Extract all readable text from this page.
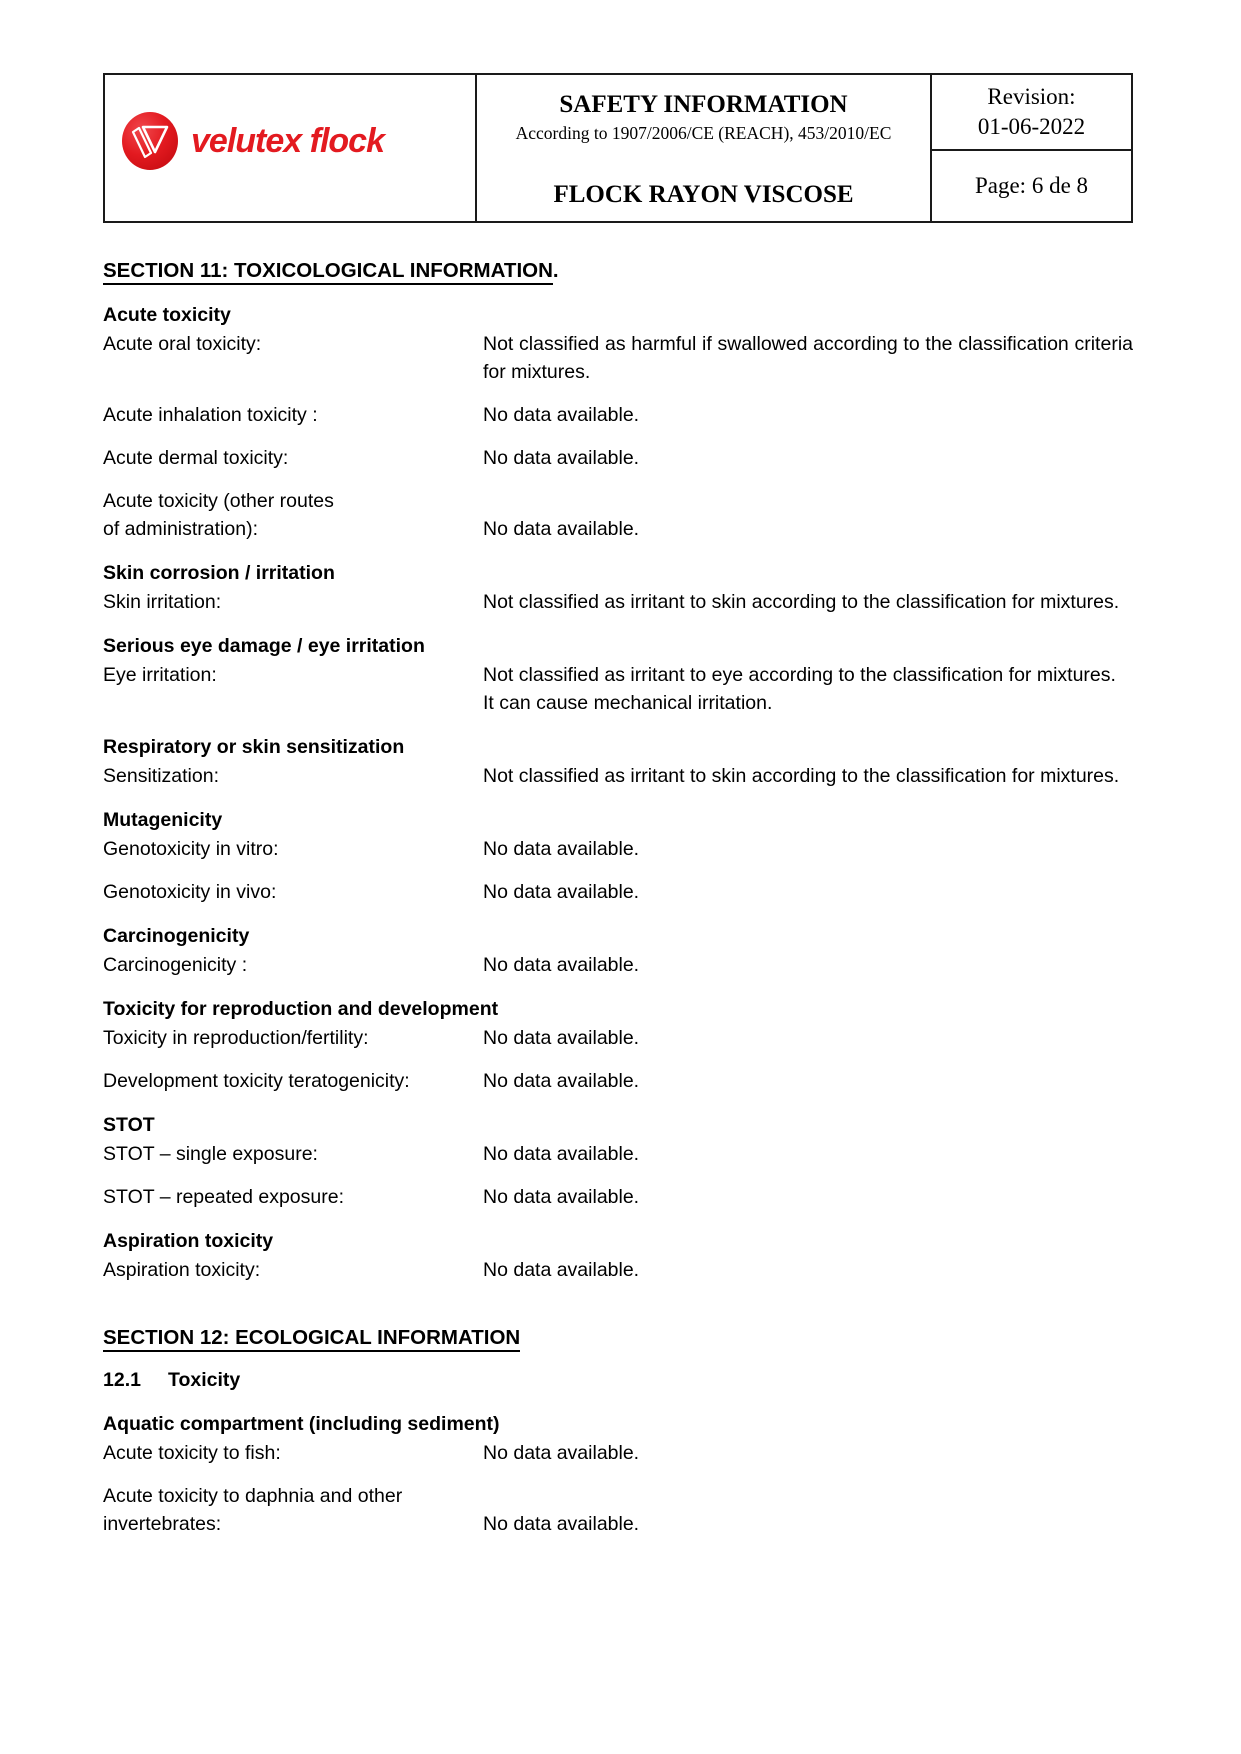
velutex flock
SAFETY INFORMATION
According to 1907/2006/CE (REACH), 453/2010/EC
FLOCK RAYON VISCOSE
Revision:
01-06-2022
Page: 6 de 8
SECTION 11: TOXICOLOGICAL INFORMATION.
Acute toxicity
Acute oral toxicity:	Not classified as harmful if swallowed according to the classification criteria for mixtures.
Acute inhalation toxicity :	No data available.
Acute dermal toxicity:	No data available.
Acute toxicity (other routes
of administration):	No data available.
Skin corrosion / irritation
Skin irritation:	Not classified as irritant to skin according to the classification for mixtures.
Serious eye damage / eye irritation
Eye irritation:	Not classified as irritant to eye according to the classification for mixtures.
It can cause mechanical irritation.
Respiratory or skin sensitization
Sensitization:	Not classified as irritant to skin according to the classification for mixtures.
Mutagenicity
Genotoxicity in vitro:	No data available.
Genotoxicity in vivo:	No data available.
Carcinogenicity
Carcinogenicity :	No data available.
Toxicity for reproduction and development
Toxicity in reproduction/fertility:	No data available.
Development toxicity teratogenicity:	No data available.
STOT
STOT – single exposure:	No data available.
STOT – repeated exposure:	No data available.
Aspiration toxicity
Aspiration toxicity:	No data available.
SECTION 12: ECOLOGICAL INFORMATION
12.1 Toxicity
Aquatic compartment (including sediment)
Acute toxicity to fish:	No data available.
Acute toxicity to daphnia and other
invertebrates:	No data available.
